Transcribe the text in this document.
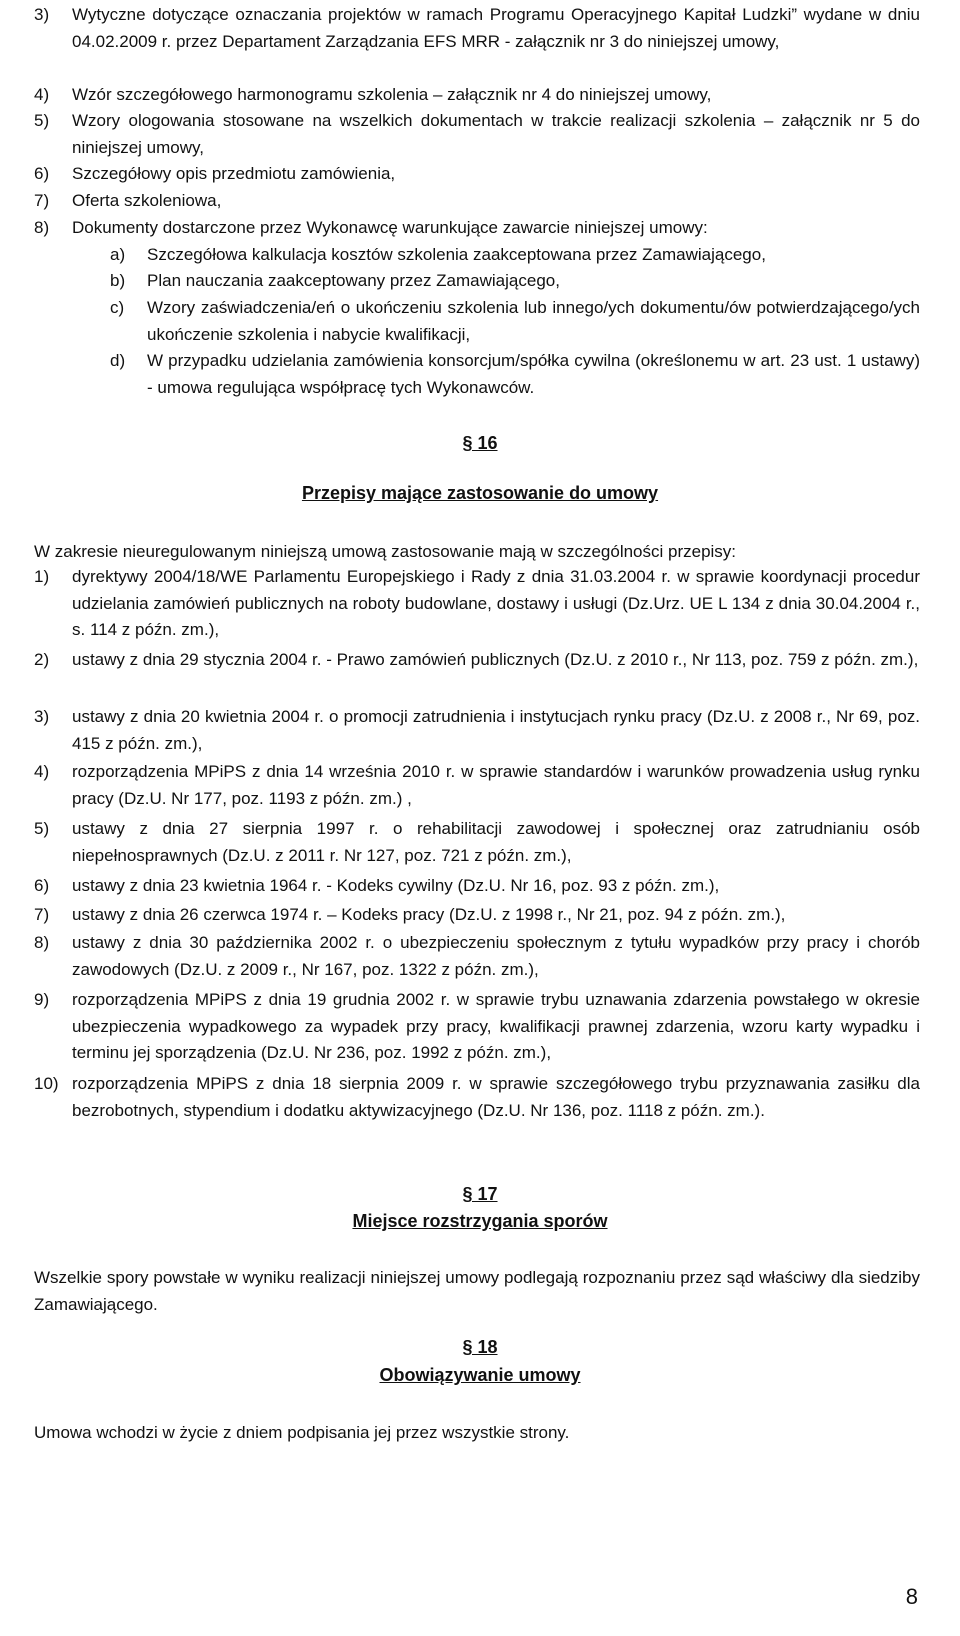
3) Wytyczne dotyczące oznaczania projektów w ramach Programu Operacyjnego Kapitał Ludzki” wydane w dniu 04.02.2009 r. przez Departament Zarządzania EFS MRR - załącznik nr 3 do niniejszej umowy,
4) Wzór szczegółowego harmonogramu szkolenia – załącznik nr 4 do niniejszej umowy,
5) Wzory ologowania stosowane na wszelkich dokumentach w trakcie realizacji szkolenia – załącznik nr 5 do niniejszej umowy,
6) Szczegółowy opis przedmiotu zamówienia,
7) Oferta szkoleniowa,
8) Dokumenty dostarczone przez Wykonawcę warunkujące zawarcie niniejszej umowy:
a) Szczegółowa kalkulacja kosztów szkolenia zaakceptowana przez Zamawiającego,
b) Plan nauczania zaakceptowany przez Zamawiającego,
c) Wzory zaświadczenia/eń o ukończeniu szkolenia lub innego/ych dokumentu/ów potwierdzającego/ych ukończenie szkolenia i nabycie kwalifikacji,
d) W przypadku udzielania zamówienia konsorcjum/spółka cywilna (określonemu w art. 23 ust. 1 ustawy) - umowa regulująca współpracę tych Wykonawców.
§ 16
Przepisy mające zastosowanie do umowy
W zakresie nieuregulowanym niniejszą umową zastosowanie mają w szczególności przepisy:
1) dyrektywy 2004/18/WE Parlamentu Europejskiego i Rady z dnia 31.03.2004 r. w sprawie koordynacji procedur udzielania zamówień publicznych na roboty budowlane, dostawy i usługi (Dz.Urz. UE L 134 z dnia 30.04.2004 r., s. 114 z późn. zm.),
2) ustawy z dnia 29 stycznia 2004 r. - Prawo zamówień publicznych (Dz.U. z 2010 r., Nr 113, poz. 759 z późn. zm.),
3) ustawy z dnia 20 kwietnia 2004 r. o promocji zatrudnienia i instytucjach rynku pracy (Dz.U. z 2008 r., Nr 69, poz. 415 z późn. zm.),
4) rozporządzenia MPiPS z dnia 14 września 2010 r. w sprawie standardów i warunków prowadzenia usług rynku pracy (Dz.U. Nr 177, poz. 1193 z późn. zm.) ,
5) ustawy z dnia 27 sierpnia 1997 r. o rehabilitacji zawodowej i społecznej oraz zatrudnianiu osób niepełnosprawnych (Dz.U. z 2011 r. Nr 127, poz. 721 z późn. zm.),
6) ustawy z dnia 23 kwietnia 1964 r. - Kodeks cywilny (Dz.U. Nr 16, poz. 93 z późn. zm.),
7) ustawy z dnia 26 czerwca 1974 r. – Kodeks pracy (Dz.U. z 1998 r., Nr 21, poz. 94 z późn. zm.),
8) ustawy z dnia 30 października 2002 r. o ubezpieczeniu społecznym z tytułu wypadków przy pracy i chorób zawodowych (Dz.U. z 2009 r., Nr 167, poz. 1322 z późn. zm.),
9) rozporządzenia MPiPS z dnia 19 grudnia 2002 r. w sprawie trybu uznawania zdarzenia powstałego w okresie ubezpieczenia wypadkowego za wypadek przy pracy, kwalifikacji prawnej zdarzenia, wzoru karty wypadku i terminu jej sporządzenia (Dz.U. Nr 236, poz. 1992 z późn. zm.),
10) rozporządzenia MPiPS z dnia 18 sierpnia 2009 r. w sprawie szczegółowego trybu przyznawania zasiłku dla bezrobotnych, stypendium i dodatku aktywizacyjnego (Dz.U. Nr 136, poz. 1118 z późn. zm.).
§ 17
Miejsce rozstrzygania sporów
Wszelkie spory powstałe w wyniku realizacji niniejszej umowy podlegają rozpoznaniu przez sąd właściwy dla siedziby Zamawiającego.
§ 18
Obowiązywanie umowy
Umowa wchodzi w życie z dniem podpisania jej przez wszystkie strony.
8
